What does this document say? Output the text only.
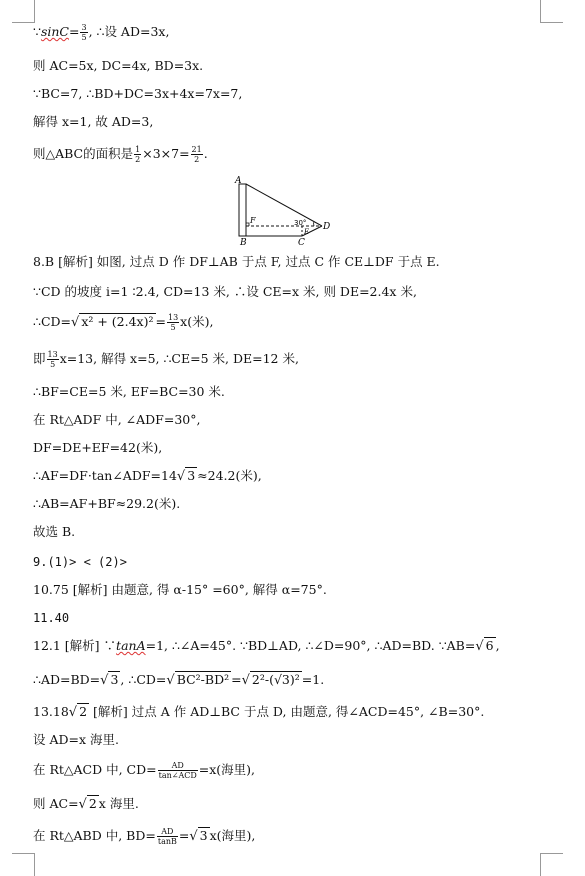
∵sinC= $\frac{3}{5}$ , ∴设 AD=3x,
则 AC=5x, DC=4x, BD=3x.
∵BC=7, ∴BD+DC=3x+4x=7x=7,
解得 x=1, 故 AD=3,
则△ABC的面积是 $\frac{1}{2} \times 3\times 7= \frac{21}{2}$ .
A
B	C
D
E
F	30°
8.B [解析] 如图, 过点 D 作 DF⊥AB 于点 F, 过点 C 作 CE⊥DF 于点 E.
∵CD 的坡度 i=1 ∶2.4, CD=13 米, ∴设 CE=x 米, 则 DE=2.4x 米,
∴CD=√ $x^2 + (2.4x)^2 = \frac{13}{5} x$(米),
即 $\frac{13}{5} x=13$, 解得 x=5, ∴CE=5 米, DE=12 米,
∴BF=CE=5 米, EF=BC=30 米.
在 Rt△ADF 中, ∠ADF=30°,
DF=DE+EF=42(米),
∴AF=DF·tan∠ADF=14√ 3 ≈24.2(米),
∴AB=AF+BF≈29.2(米).
故选 B.
9.(1)> < (2)>
10.75 [解析] 由题意, 得 α-15° =60°, 解得 α=75°.
11.40
12.1 [解析] ∵tanA=1, ∴∠A=45°. ∵BD⊥AD, ∴∠D=90°, ∴AD=BD. ∵AB=√ 6 ,
∴AD=BD=√ 3 , ∴CD=√ BC²-BD² =√ 2²-(√3)² =1.
13.18√ 2 [解析] 过点 A 作 AD⊥BC 于点 D, 由题意, 得∠ACD=45°, ∠B=30°.
设 AD=x 海里.
在 Rt△ACD 中, $CD= \frac{AD}{\text{tan∠ACD}} =x$(海里),
则 AC=√ 2 x 海里.
在 Rt△ABD 中, $BD= \frac{AD}{\tan B}$ =√ 3 x(海里),
